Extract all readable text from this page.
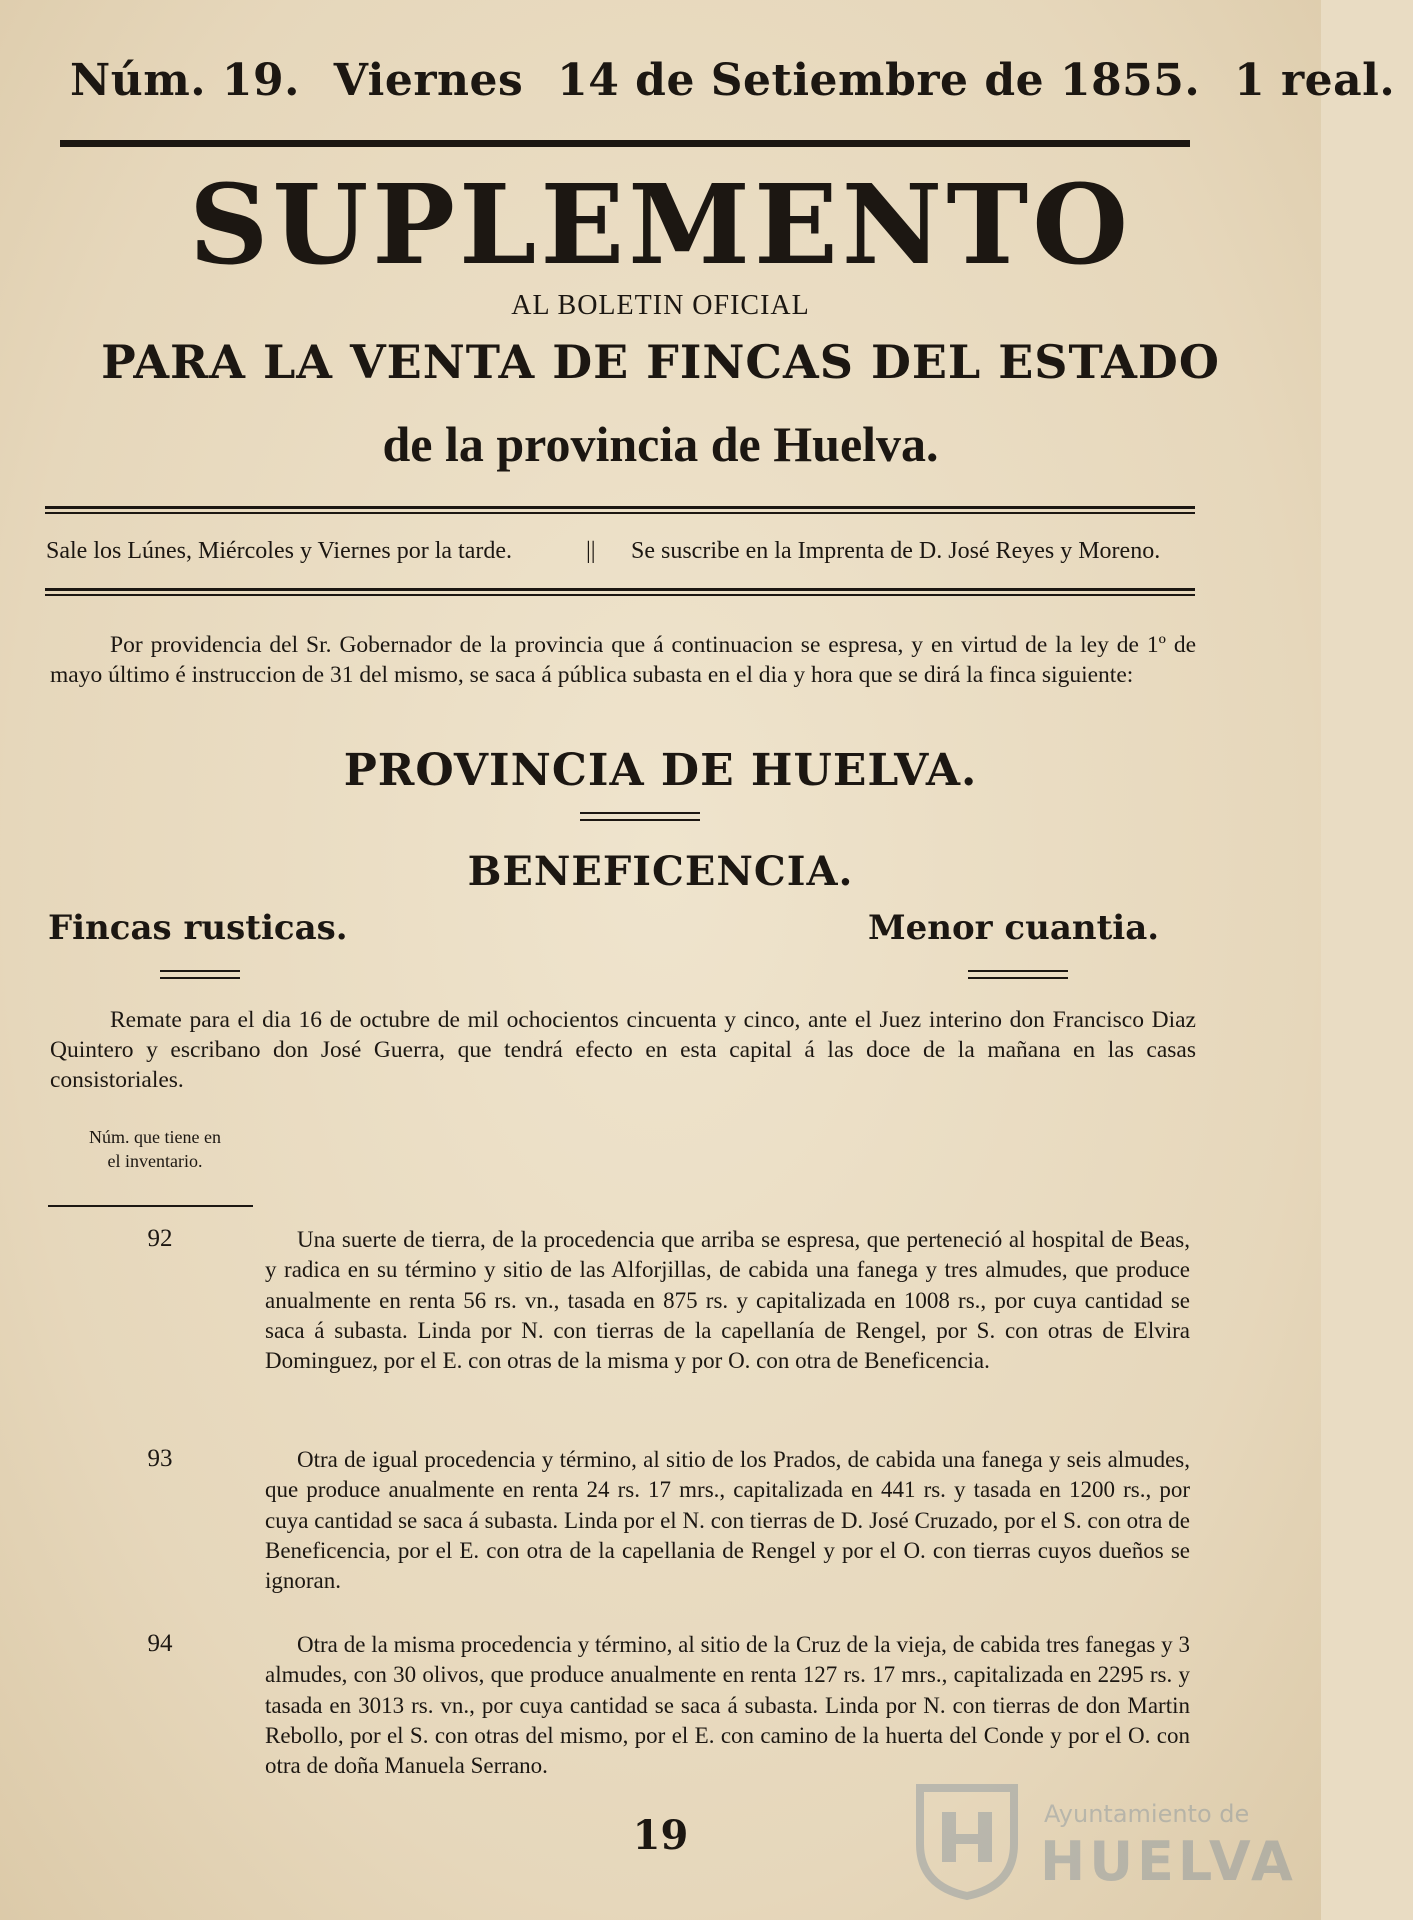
Núm. 19. Viernes 14 de Setiembre de 1855. 1 real.
SUPLEMENTO
AL BOLETIN OFICIAL
PARA LA VENTA DE FINCAS DEL ESTADO
de la provincia de Huelva.
Sale los Lúnes, Miércoles y Viernes por la tarde.	|| Se suscribe en la Imprenta de D. José Reyes y Moreno.
Por providencia del Sr. Gobernador de la provincia que á continuacion se espresa, y en virtud de la ley de 1º de mayo último é instruccion de 31 del mismo, se saca á pública subasta en el dia y hora que se dirá la finca siguiente:
PROVINCIA DE HUELVA.
BENEFICENCIA.
Fincas rusticas.	Menor cuantia.
Remate para el dia 16 de octubre de mil ochocientos cincuenta y cinco, ante el Juez interino don Francisco Diaz Quintero y escribano don José Guerra, que tendrá efecto en esta capital á las doce de la mañana en las casas consistoriales.
Núm. que tiene en
el inventario.
92	Una suerte de tierra, de la procedencia que arriba se espresa, que perteneció al hospital de Beas, y radica en su término y sitio de las Alforjillas, de cabida una fanega y tres almudes, que produce anualmente en renta 56 rs. vn., tasada en 875 rs. y capitalizada en 1008 rs., por cuya cantidad se saca á subasta. Linda por N. con tierras de la capellanía de Rengel, por S. con otras de Elvira Dominguez, por el E. con otras de la misma y por O. con otra de Beneficencia.
93	Otra de igual procedencia y término, al sitio de los Prados, de cabida una fanega y seis almudes, que produce anualmente en renta 24 rs. 17 mrs., capitalizada en 441 rs. y tasada en 1200 rs., por cuya cantidad se saca á subasta. Linda por el N. con tierras de D. José Cruzado, por el S. con otra de Beneficencia, por el E. con otra de la capellania de Rengel y por el O. con tierras cuyos dueños se ignoran.
94	Otra de la misma procedencia y término, al sitio de la Cruz de la vieja, de cabida tres fanegas y 3 almudes, con 30 olivos, que produce anualmente en renta 127 rs. 17 mrs., capitalizada en 2295 rs. y tasada en 3013 rs. vn., por cuya cantidad se saca á subasta. Linda por N. con tierras de don Martin Rebollo, por el S. con otras del mismo, por el E. con camino de la huerta del Conde y por el O. con otra de doña Manuela Serrano.
19	Ayuntamiento de
HUELVA
